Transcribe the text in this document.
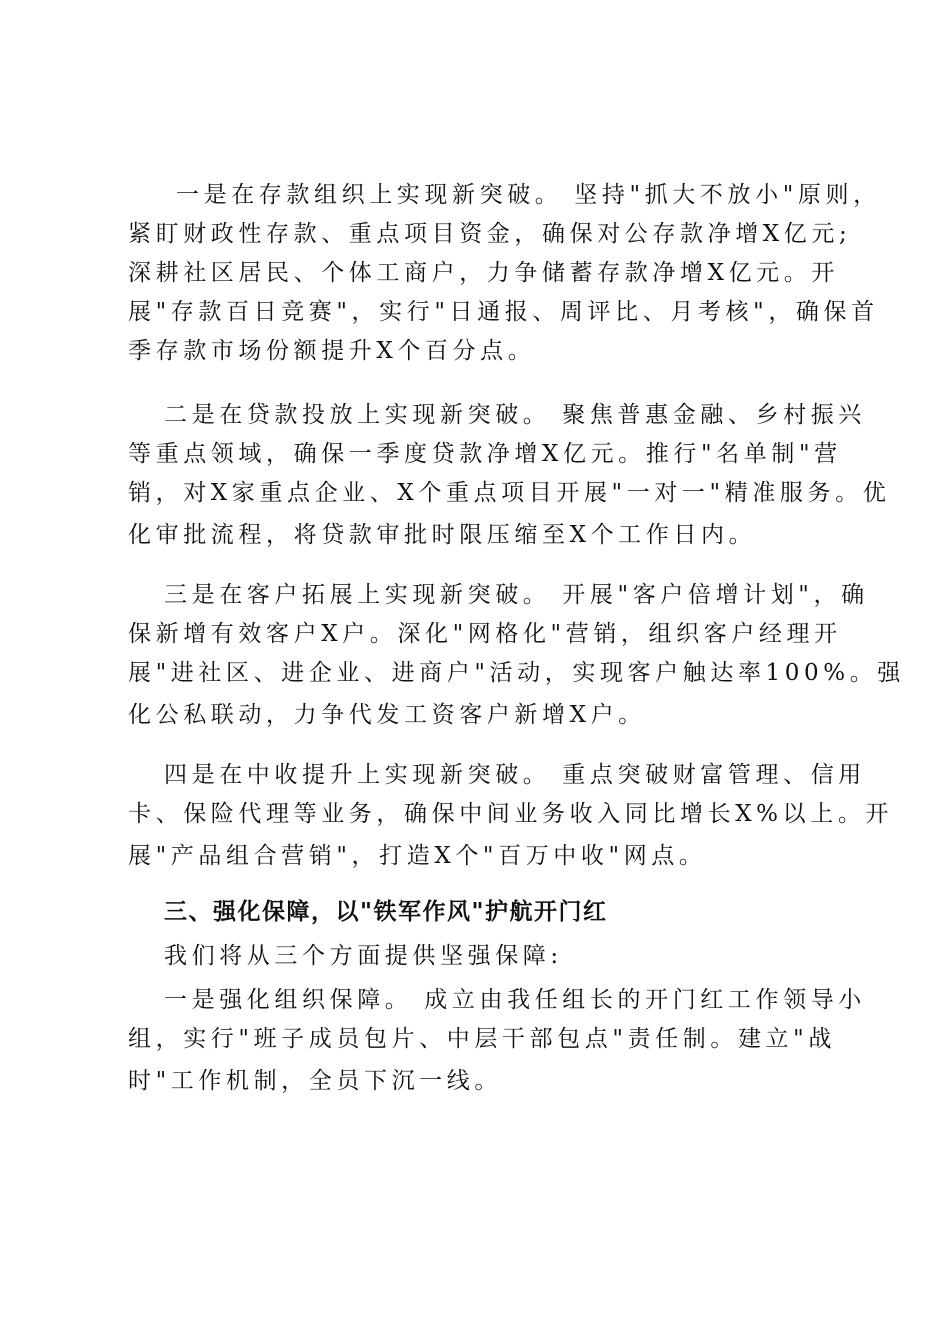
一是在存款组织上实现新突破。 坚持"抓大不放小"原则，
紧盯财政性存款、重点项目资金，确保对公存款净增X亿元;
深耕社区居民、个体工商户，力争储蓄存款净增X亿元。开
展"存款百日竞赛"，实行"日通报、周评比、月考核"，确保首
季存款市场份额提升X个百分点。
二是在贷款投放上实现新突破。 聚焦普惠金融、乡村振兴
等重点领域，确保一季度贷款净增X亿元。推行"名单制"营
销，对X家重点企业、X个重点项目开展"一对一"精准服务。优
化审批流程，将贷款审批时限压缩至X个工作日内。
三是在客户拓展上实现新突破。 开展"客户倍增计划"，确
保新增有效客户X户。深化"网格化"营销，组织客户经理开
展"进社区、进企业、进商户"活动，实现客户触达率100%。强
化公私联动，力争代发工资客户新增X户。
四是在中收提升上实现新突破。 重点突破财富管理、信用
卡、保险代理等业务，确保中间业务收入同比增长X%以上。开
展"产品组合营销"，打造X个"百万中收"网点。
三、强化保障，以"铁军作风"护航开门红
我们将从三个方面提供坚强保障:
一是强化组织保障。 成立由我任组长的开门红工作领导小
组，实行"班子成员包片、中层干部包点"责任制。建立"战
时"工作机制，全员下沉一线。
